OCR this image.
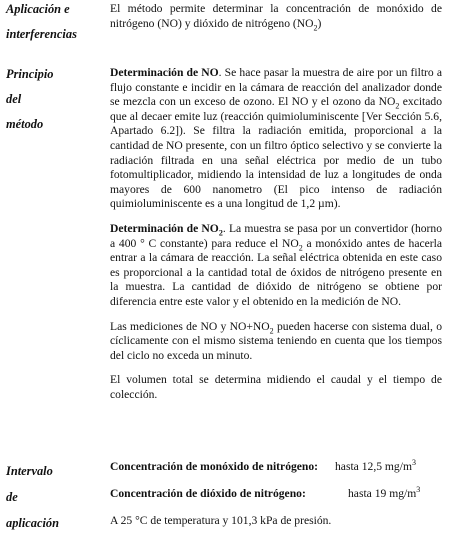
Aplicación e
interferencias

El método permite determinar la concentración de monóxido de nitrógeno (NO) y dióxido de nitrógeno $(NO_2)$

Principio
del
método

Determinación de NO. Se hace pasar la muestra de aire por un filtro a flujo constante e incidir en la cámara de reacción del analizador donde se mezcla con un exceso de ozono. El NO y el ozono da $NO_2$ excitado que al decaer emite luz (reacción quimioluminiscente [Ver Sección 5.6, Apartado 6.2]). Se filtra la radiación emitida, proporcional a la cantidad de NO presente, con un filtro óptico selectivo y se convierte la radiación filtrada en una señal eléctrica por medio de un tubo fotomultiplicador, midiendo la intensidad de luz a longitudes de onda mayores de 600 nanometro (El pico intenso de radiación quimioluminiscente es a una longitud de 1,2 µm).

Determinación de $NO_2$. La muestra se pasa por un convertidor (horno a 400 ° C constante) para reduce el $NO_2$ a monóxido antes de hacerla entrar a la cámara de reacción. La señal eléctrica obtenida en este caso es proporcional a la cantidad total de óxidos de nitrógeno presente en la muestra. La cantidad de dióxido de nitrógeno se obtiene por diferencia entre este valor y el obtenido en la medición de NO.

Las mediciones de NO y $NO+NO_2$ pueden hacerse con sistema dual, o cíclicamente con el mismo sistema teniendo en cuenta que los tiempos del ciclo no exceda un minuto.

El volumen total se determina midiendo el caudal y el tiempo de colección.

Intervalo
de
aplicación
Concentración de monóxido de nitrógeno: hasta 12,5 $mg/m^3$
Concentración de dióxido de nitrógeno:	hasta 19 $mg/m^3$
A 25 °C de temperatura y 101,3 kPa de presión.
